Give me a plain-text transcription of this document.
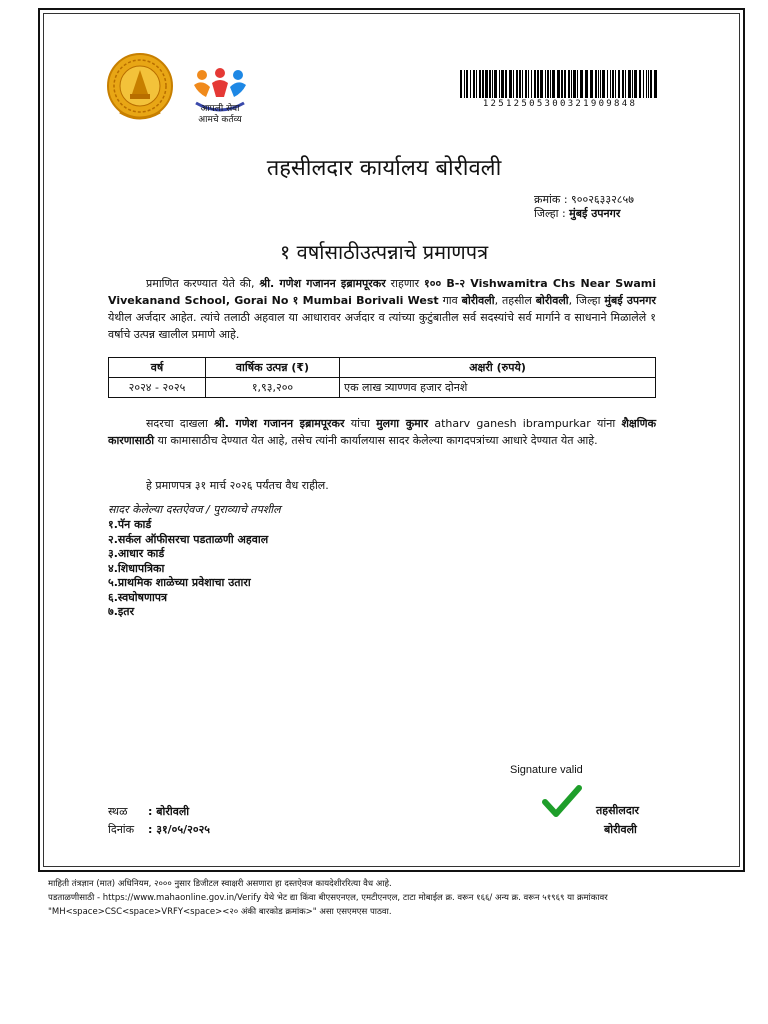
आपली सेवा
आमचे कर्तव्य
1251250530032190984​8
तहसीलदार कार्यालय बोरीवली
क्रमांक : ९००२६३३२८५७
जिल्हा : मुंबई उपनगर
१ वर्षासाठीउत्पन्नाचे प्रमाणपत्र
प्रमाणित करण्यात येते की, श्री. गणेश गजानन इब्रामपूरकर राहणार १०० B-२ Vishwamitra Chs Near Swami Vivekanand School, Gorai No १ Mumbai Borivali West गाव बोरीवली, तहसील बोरीवली, जिल्हा मुंबई उपनगर येथील अर्जदार आहेत. त्यांचे तलाठी अहवाल या आधारावर अर्जदार व त्यांच्या कुटुंबातील सर्व सदस्यांचे सर्व मार्गाने व साधनाने मिळालेले १ वर्षाचे उत्पन्न खालील प्रमाणे आहे.
वर्ष	वार्षिक उत्पन्न (₹)	अक्षरी (रुपये)
२०२४ - २०२५	१,९३,२००	एक लाख त्र्याण्णव हजार दोनशे
सदरचा दाखला श्री. गणेश गजानन इब्रामपूरकर यांचा मुलगा कुमार atharv ganesh ibrampurkar यांना शैक्षणिक कारणासाठी या कामासाठीच देण्यात येत आहे, तसेच त्यांनी कार्यालयास सादर केलेल्या कागदपत्रांच्या आधारे देण्यात येत आहे.
हे प्रमाणपत्र ३१ मार्च २०२६ पर्यंतच वैध राहील.
सादर केलेल्या दस्तऐवज / पुराव्याचे तपशील
१.पॅन कार्ड
२.सर्कल ऑफीसरचा पडताळणी अहवाल
३.आधार कार्ड
४.शिधापत्रिका
५.प्राथमिक शाळेच्या प्रवेशाचा उतारा
६.स्वघोषणापत्र
७.इतर
Signature valid
तहसीलदार
बोरीवली
स्थळ : बोरीवली
दिनांक : ३१/०५/२०२५
माहिती तंत्रज्ञान (मात) अधिनियम, २००० नुसार डिजीटल स्वाक्षरी असणारा हा दस्तऐवज कायदेशीररित्या वैध आहे.
पडताळणीसाठी - https://www.mahaonline.gov.in/Verify येथे भेट द्या किंवा बीएसएनएल, एमटीएनएल, टाटा मोबाईल क्र. वरून १६६/ अन्य क्र. वरून ५१९६९ या क्रमांकावर
"MH<space>CSC<space>VRFY<space><२० अंकी बारकोड क्रमांक>" असा एसएमएस पाठवा.
